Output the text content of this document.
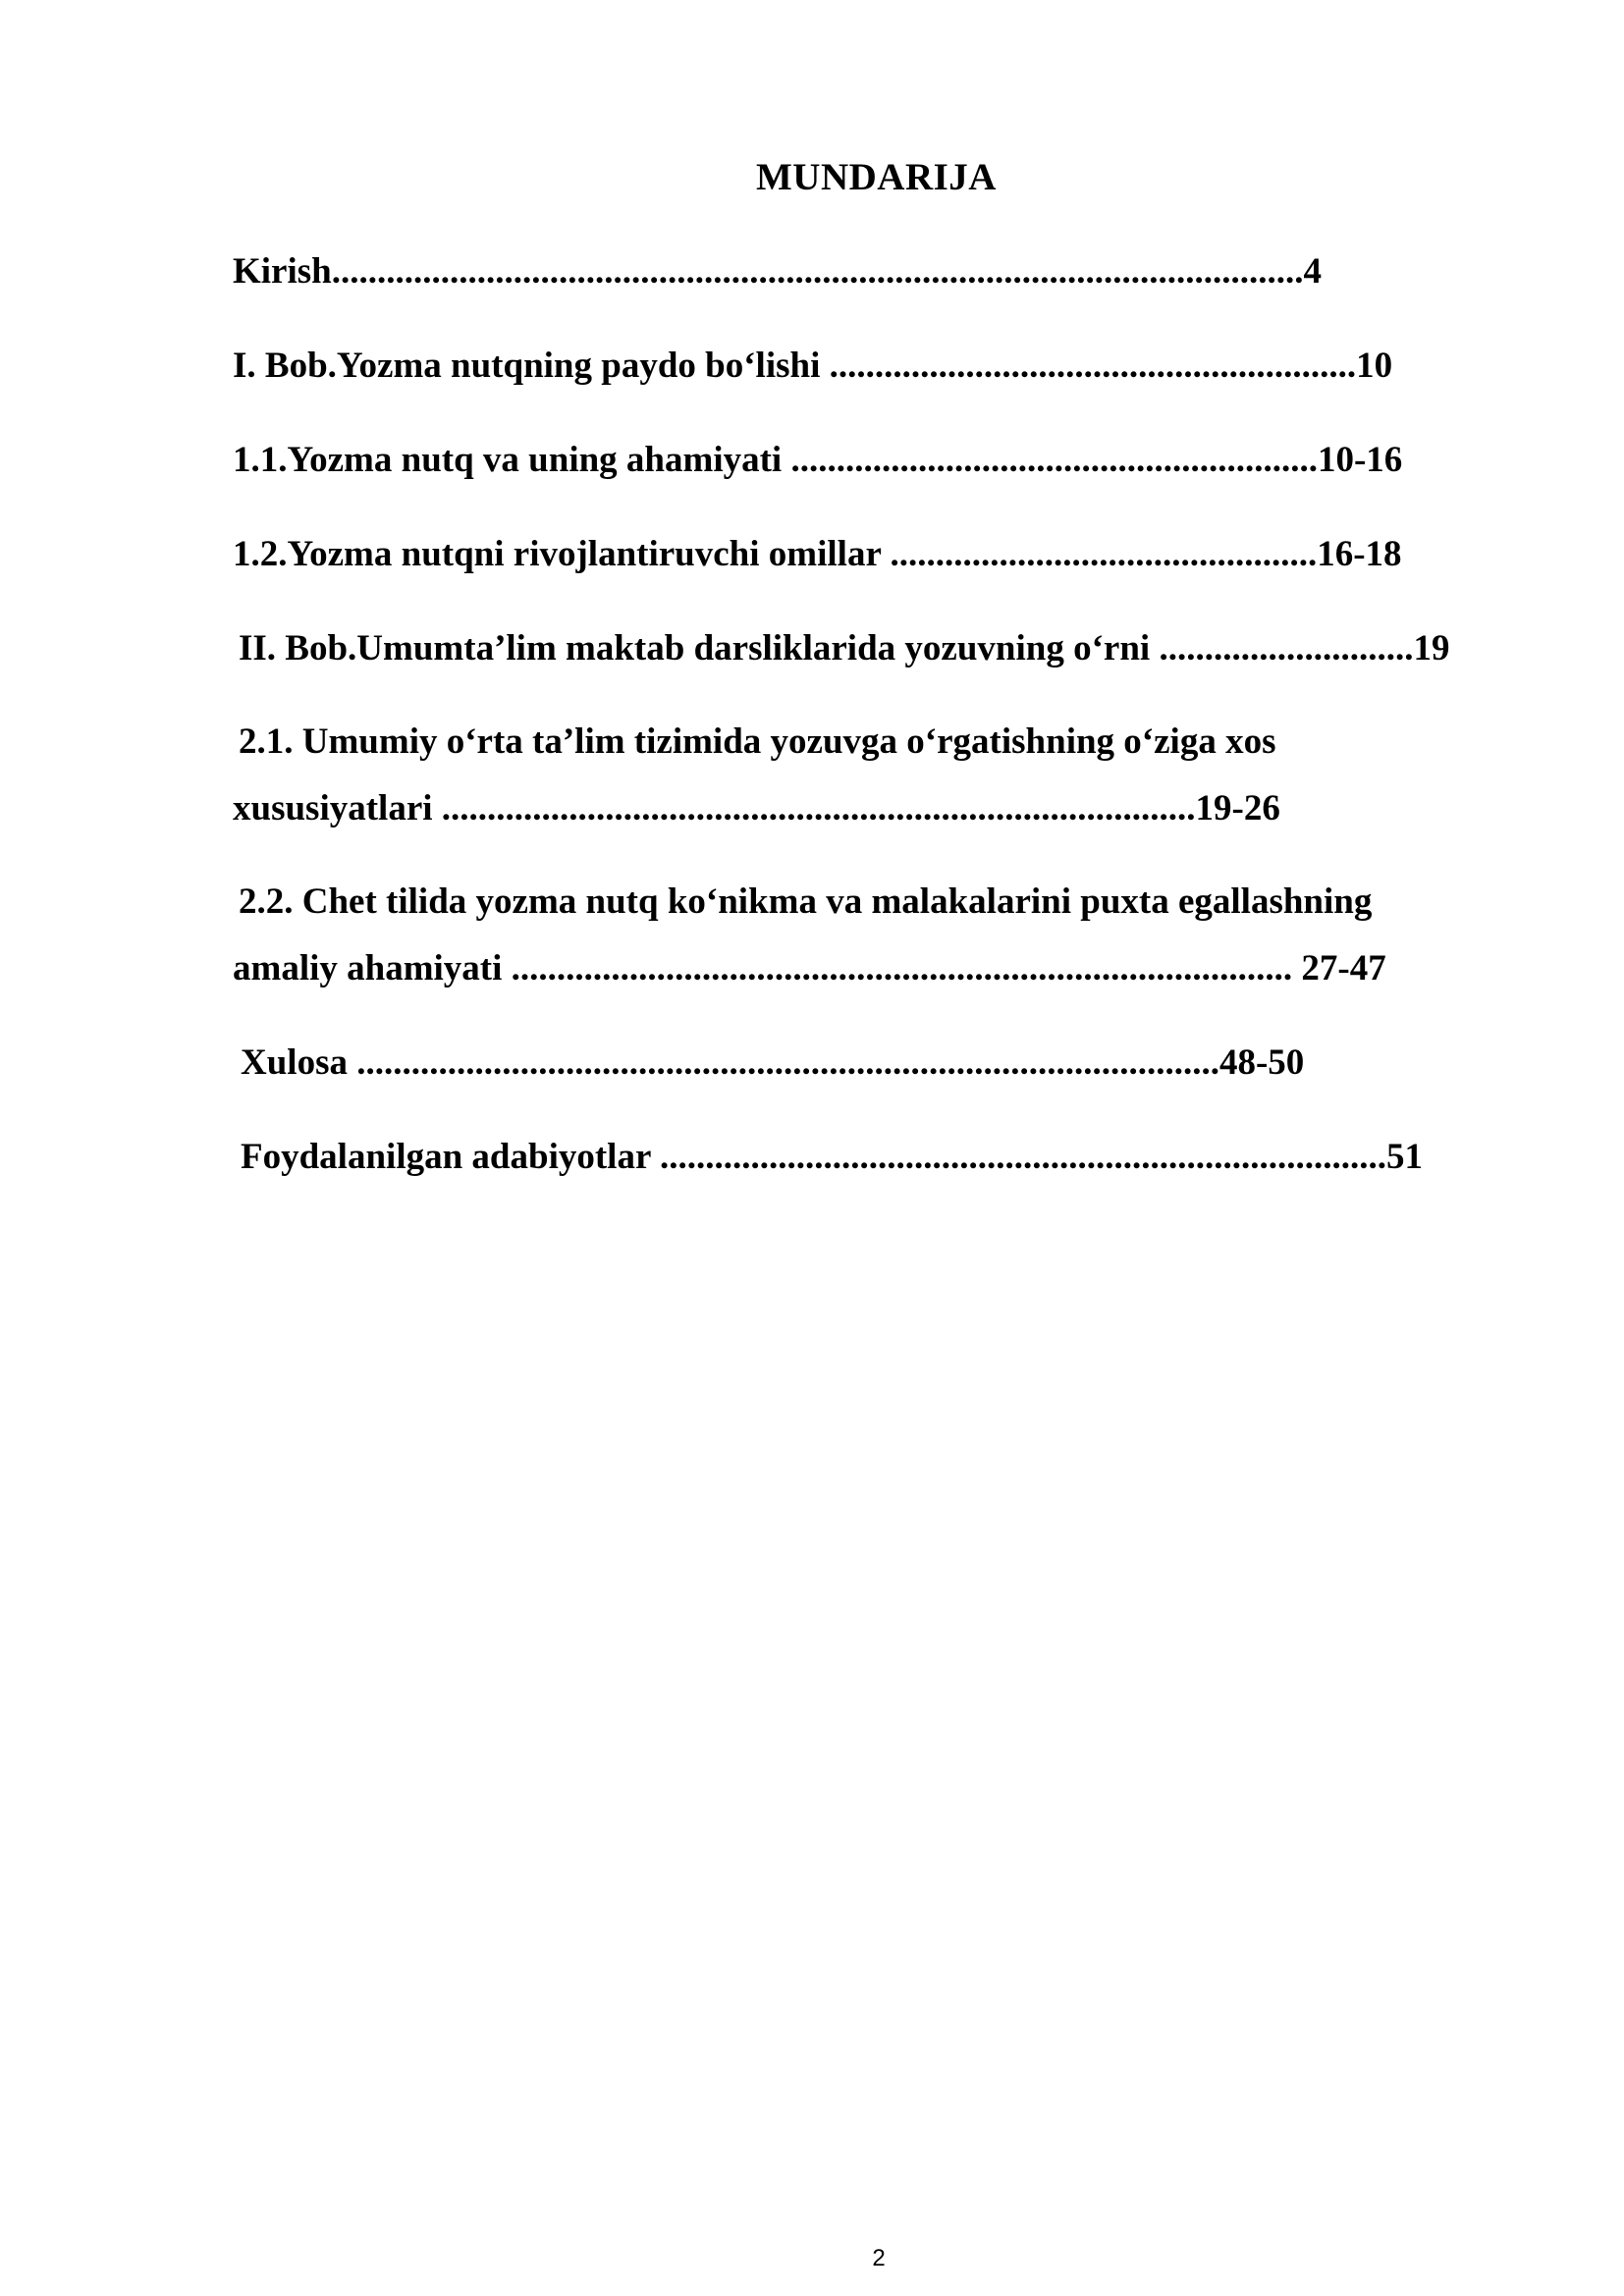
MUNDARIJA
Kirish...........................................................................................................4
I. Bob.Yozma nutqning paydo bo‘lishi ..........................................................10
1.1.Yozma nutq va uning ahamiyati ..........................................................10-16
1.2.Yozma nutqni rivojlantiruvchi omillar ...............................................16-18
II. Bob.Umumta’lim maktab darsliklarida yozuvning o‘rni ............................19
2.1. Umumiy o‘rta ta’lim tizimida yozuvga o‘rgatishning o‘ziga xos
xususiyatlari ...................................................................................19-26
2.2. Chet tilida yozma nutq ko‘nikma va malakalarini puxta egallashning
amaliy ahamiyati ...................................................................................... 27-47
Xulosa ...............................................................................................48-50
Foydalanilgan adabiyotlar ................................................................................51
2
